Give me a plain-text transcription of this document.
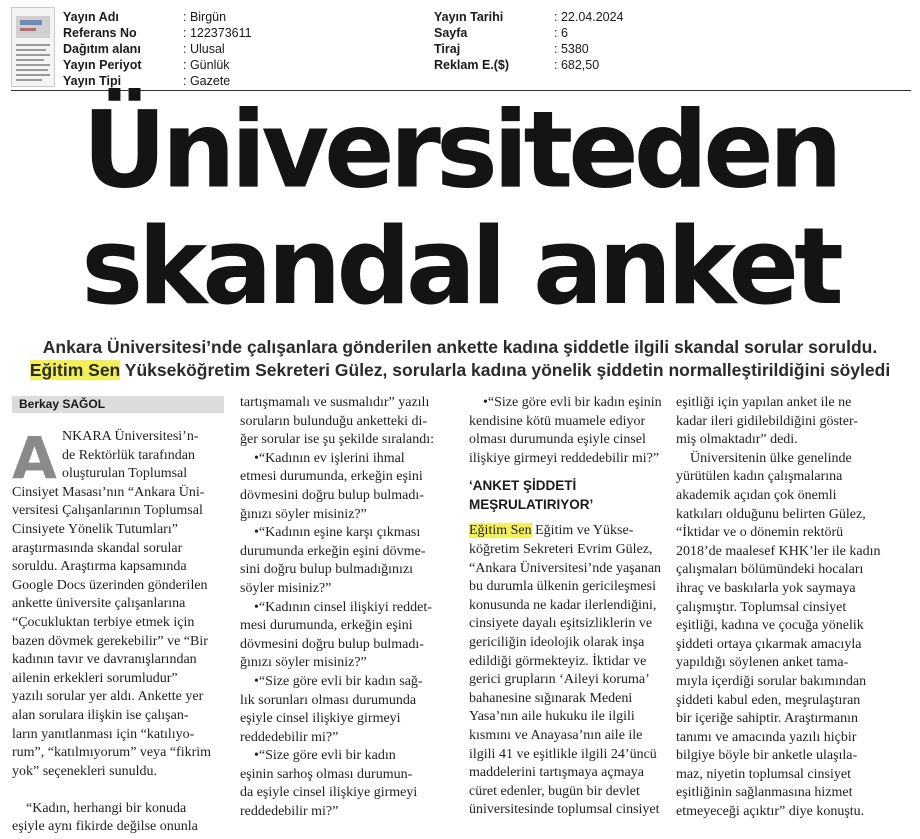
Yayın Adı	: Birgün
Referans No	: 122373611
Dağıtım alanı	: Ulusal
Yayın Periyot	: Günlük
Yayın Tipi	: Gazete
Yayın Tarihi	: 22.04.2024
Sayfa	: 6
Tiraj	: 5380
Reklam E.($)	: 682,50
Üniversiteden
skandal anket
Ankara Üniversitesi’nde çalışanlara gönderilen ankette kadına şiddetle ilgili skandal sorular soruldu.
Eğitim Sen Yükseköğretim Sekreteri Gülez, sorularla kadına yönelik şiddetin normalleştirildiğini söyledi
Berkay SAĞOL
A NKARA Üniversitesi’n-
de Rektörlük tarafından
oluşturulan Toplumsal
Cinsiyet Masası’nın “Ankara Üni-
versitesi Çalışanlarının Toplumsal
Cinsiyete Yönelik Tutumları”
araştırmasında skandal sorular
soruldu. Araştırma kapsamında
Google Docs üzerinden gönderilen
ankette üniversite çalışanlarına
“Çocukluktan terbiye etmek için
bazen dövmek gerekebilir” ve “Bir
kadının tavır ve davranışlarından
ailenin erkekleri sorumludur”
yazılı sorular yer aldı. Ankette yer
alan sorulara ilişkin ise çalışan-
ların yanıtlanması için “katılıyo-
rum”, “katılmıyorum” veya “fikrim
yok” seçenekleri sunuldu.
“Kadın, herhangi bir konuda
eşiyle aynı fikirde değilse onunla
tartışmamalı ve susmalıdır” yazılı
soruların bulunduğu anketteki di-
ğer sorular ise şu şekilde sıralandı:
•“Kadının ev işlerini ihmal
etmesi durumunda, erkeğin eşini
dövmesini doğru bulup bulmadı-
ğınızı söyler misiniz?”
•“Kadının eşine karşı çıkması
durumunda erkeğin eşini dövme-
sini doğru bulup bulmadığınızı
söyler misiniz?”
•“Kadının cinsel ilişkiyi reddet-
mesi durumunda, erkeğin eşini
dövmesini doğru bulup bulmadı-
ğınızı söyler misiniz?”
•“Size göre evli bir kadın sağ-
lık sorunları olması durumunda
eşiyle cinsel ilişkiye girmeyi
reddedebilir mi?”
•“Size göre evli bir kadın
eşinin sarhoş olması durumun-
da eşiyle cinsel ilişkiye girmeyi
reddedebilir mi?”
•“Size göre evli bir kadın eşinin
kendisine kötü muamele ediyor
olması durumunda eşiyle cinsel
ilişkiye girmeyi reddedebilir mi?”
‘ANKET ŞİDDETİ
MEŞRULATIRIYOR’
Eğitim Sen Eğitim ve Yükse-
köğretim Sekreteri Evrim Gülez,
“Ankara Üniversitesi’nde yaşanan
bu durumla ülkenin gericileşmesi
konusunda ne kadar ilerlendiğini,
cinsiyete dayalı eşitsizliklerin ve
gericiliğin ideolojik olarak inşa
edildiği görmekteyiz. İktidar ve
gerici grupların ‘Aileyi koruma’
bahanesine sığınarak Medeni
Yasa’nın aile hukuku ile ilgili
kısmını ve Anayasa’nın aile ile
ilgili 41 ve eşitlikle ilgili 24’üncü
maddelerini tartışmaya açmaya
cüret edenler, bugün bir devlet
üniversitesinde toplumsal cinsiyet
eşitliği için yapılan anket ile ne
kadar ileri gidilebildiğini göster-
miş olmaktadır” dedi.
Üniversitenin ülke genelinde
yürütülen kadın çalışmalarına
akademik açıdan çok önemli
katkıları olduğunu belirten Gülez,
“İktidar ve o dönemin rektörü
2018’de maalesef KHK’ler ile kadın
çalışmaları bölümündeki hocaları
ihraç ve baskılarla yok saymaya
çalışmıştır. Toplumsal cinsiyet
eşitliği, kadına ve çocuğa yönelik
şiddeti ortaya çıkarmak amacıyla
yapıldığı söylenen anket tama-
mıyla içerdiği sorular bakımından
şiddeti kabul eden, meşrulaştıran
bir içeriğe sahiptir. Araştırmanın
tanımı ve amacında yazılı hiçbir
bilgiye böyle bir anketle ulaşıla-
maz, niyetin toplumsal cinsiyet
eşitliğinin sağlanmasına hizmet
etmeyeceği açıktır” diye konuştu.
